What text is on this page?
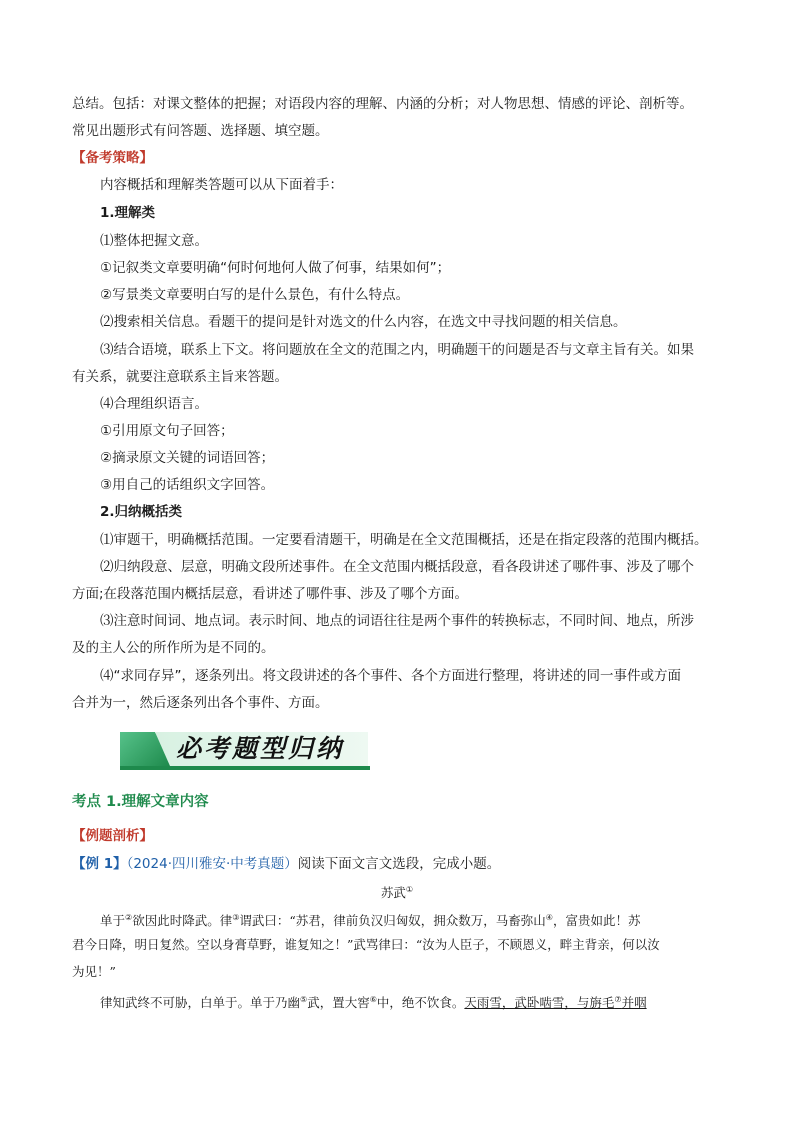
总结。包括：对课文整体的把握；对语段内容的理解、内涵的分析；对人物思想、情感的评论、剖析等。
常见出题形式有问答题、选择题、填空题。
【备考策略】
内容概括和理解类答题可以从下面着手：
1.理解类
⑴整体把握文意。
①记叙类文章要明确“何时何地何人做了何事，结果如何”；
②写景类文章要明白写的是什么景色，有什么特点。
⑵搜索相关信息。看题干的提问是针对选文的什么内容，在选文中寻找问题的相关信息。
⑶结合语境，联系上下文。将问题放在全文的范围之内，明确题干的问题是否与文章主旨有关。如果
有关系，就要注意联系主旨来答题。
⑷合理组织语言。
①引用原文句子回答；
②摘录原文关键的词语回答；
③用自己的话组织文字回答。
2.归纳概括类
⑴审题干，明确概括范围。一定要看清题干，明确是在全文范围概括，还是在指定段落的范围内概括。
⑵归纳段意、层意，明确文段所述事件。在全文范围内概括段意，看各段讲述了哪件事、涉及了哪个
方面;在段落范围内概括层意，看讲述了哪件事、涉及了哪个方面。
⑶注意时间词、地点词。表示时间、地点的词语往往是两个事件的转换标志，不同时间、地点，所涉
及的主人公的所作所为是不同的。
⑷“求同存异”，逐条列出。将文段讲述的各个事件、各个方面进行整理，将讲述的同一事件或方面
合并为一，然后逐条列出各个事件、方面。
必考题型归纳
考点 1.理解文章内容
【例题剖析】
【例 1】（2024·四川雅安·中考真题）阅读下面文言文选段，完成小题。
苏武①
单于②欲因此时降武。律③谓武曰：“苏君，律前负汉归匈奴，拥众数万，马畜弥山④，富贵如此！苏
君今日降，明日复然。空以身膏草野，谁复知之！”武骂律曰：“汝为人臣子，不顾恩义，畔主背亲，何以汝
为见！”
律知武终不可胁，白单于。单于乃幽⑤武，置大窖⑥中，绝不饮食。天雨雪，武卧啮雪，与旃毛⑦并咽
